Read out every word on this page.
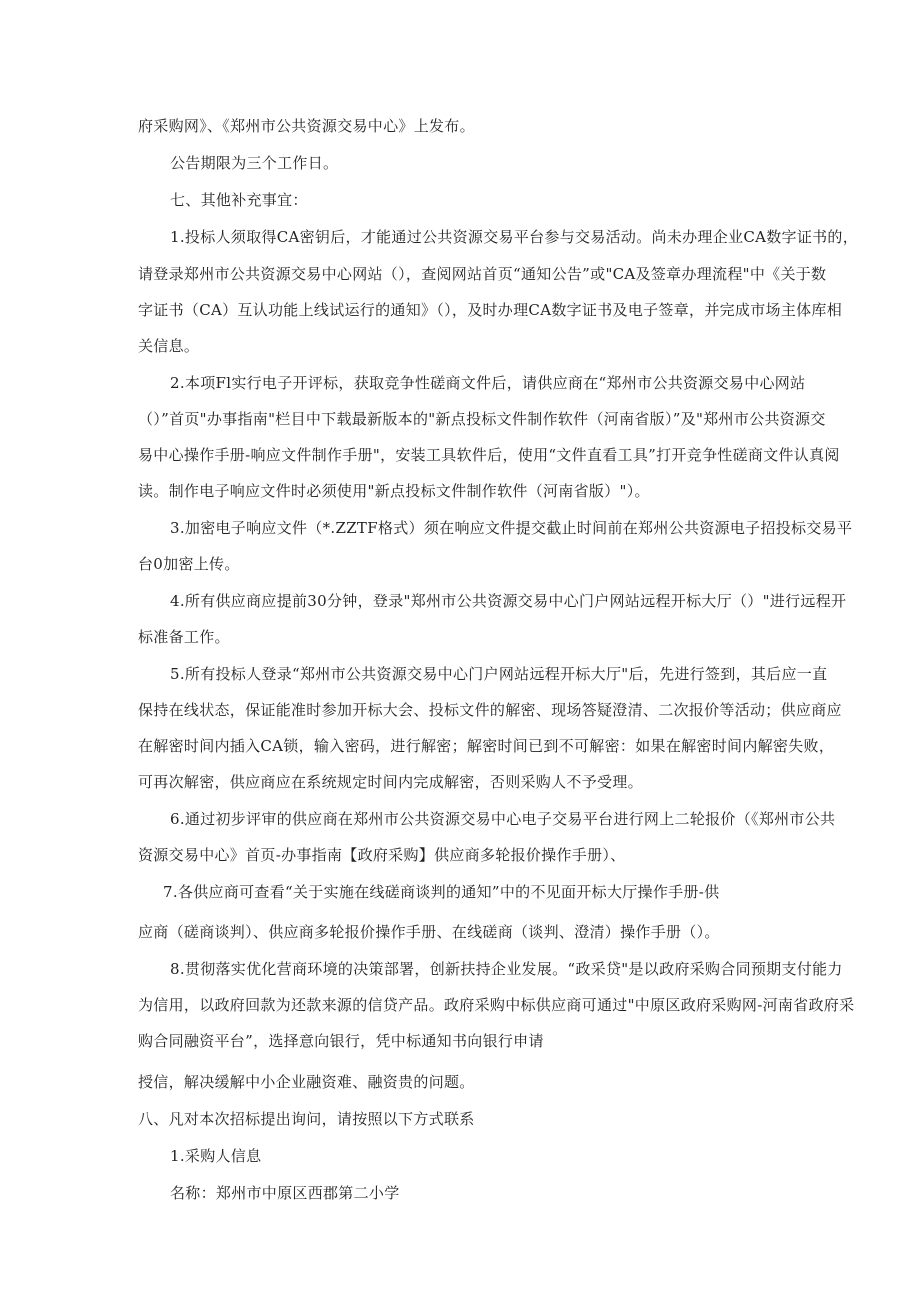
府采购网》、《郑州市公共资源交易中心》上发布。
公告期限为三个工作日。
七、其他补充事宜：
1.投标人须取得CA密钥后，才能通过公共资源交易平台参与交易活动。尚未办理企业CA数字证书的，
请登录郑州市公共资源交易中心网站（），查阅网站首页“通知公告”或"CA及签章办理流程"中《关于数
字证书（CA）互认功能上线试运行的通知》（），及时办理CA数字证书及电子签章，并完成市场主体库相
关信息。
2.本项Fl实行电子开评标，获取竞争性磋商文件后，请供应商在“郑州市公共资源交易中心网站
（）”首页"办事指南"栏目中下载最新版本的"新点投标文件制作软件（河南省版）”及"郑州市公共资源交
易中心操作手册-响应文件制作手册"，安装工具软件后，使用“文件直看工具”打开竞争性磋商文件认真阅
读。制作电子响应文件时必须使用"新点投标文件制作软件（河南省版）"）。
3.加密电子响应文件（*.ZZTF格式）须在响应文件提交截止时间前在郑州公共资源电子招投标交易平
台0加密上传。
4.所有供应商应提前30分钟，登录"郑州市公共资源交易中心门户网站远程开标大厅（）"进行远程开
标准备工作。
5.所有投标人登录“郑州市公共资源交易中心门户网站远程开标大厅"后，先进行签到，其后应一直
保持在线状态，保证能准时参加开标大会、投标文件的解密、现场答疑澄清、二次报价等活动；供应商应
在解密时间内插入CA锁，输入密码，进行解密；解密时间已到不可解密：如果在解密时间内解密失败，
可再次解密，供应商应在系统规定时间内完成解密，否则采购人不予受理。
6.通过初步评审的供应商在郑州市公共资源交易中心电子交易平台进行网上二轮报价（《郑州市公共
资源交易中心》首页-办事指南【政府采购】供应商多轮报价操作手册）、
7.各供应商可查看“关于实施在线磋商谈判的通知”中的不见面开标大厅操作手册-供
应商（磋商谈判）、供应商多轮报价操作手册、在线磋商（谈判、澄清）操作手册（）。
8.贯彻落实优化营商环境的决策部署，创新扶持企业发展。“政采贷"是以政府采购合同预期支付能力
为信用，以政府回款为还款来源的信贷产品。政府采购中标供应商可通过"中原区政府采购网-河南省政府采
购合同融资平台”，选择意向银行，凭中标通知书向银行申请
授信，解决缓解中小企业融资难、融资贵的问题。
八、凡对本次招标提出询问，请按照以下方式联系
1.采购人信息
名称：郑州市中原区西郡第二小学
